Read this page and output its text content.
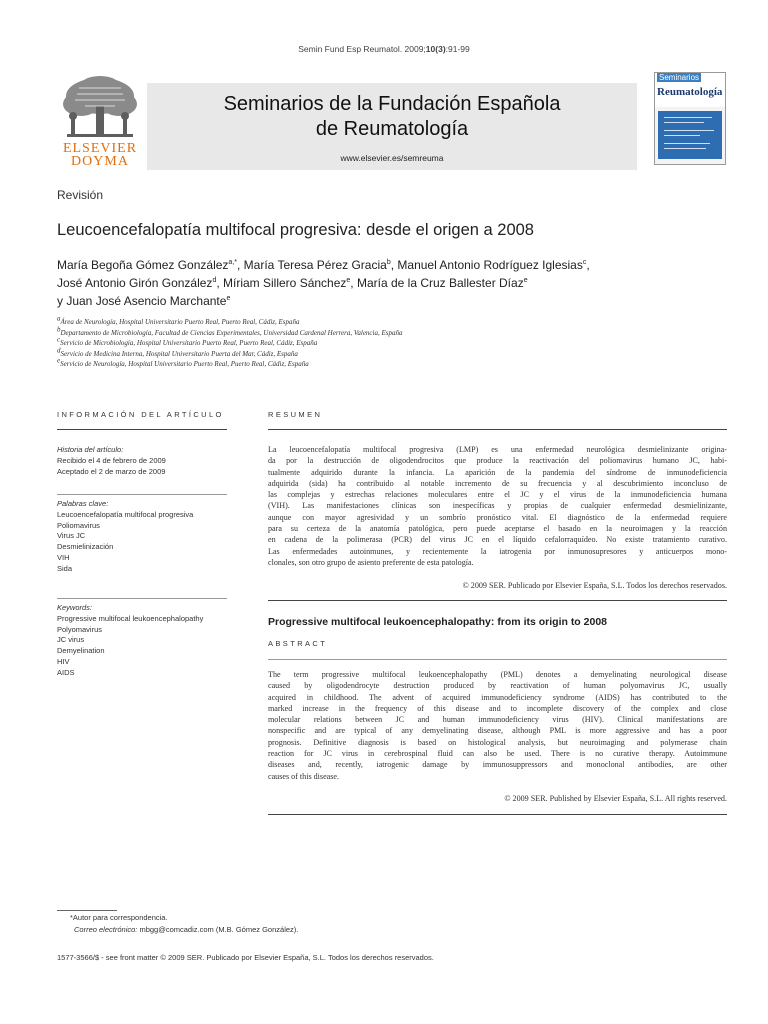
Semin Fund Esp Reumatol. 2009;10(3):91-99
ELSEVIER
DOYMA
Seminarios de la Fundación Española
de Reumatología
www.elsevier.es/semreuma
Seminarios
Reumatología
Revisión
Leucoencefalopatía multifocal progresiva: desde el origen a 2008
María Begoña Gómez González$^{a,*}$, María Teresa Pérez Gracia$^b$, Manuel Antonio Rodríguez Iglesias$^c$,
José Antonio Girón González$^d$, Míriam Sillero Sánchez$^e$, María de la Cruz Ballester Díaz$^e$
y Juan José Asencio Marchante$^e$
$^a$Área de Neurología, Hospital Universitario Puerto Real, Puerto Real, Cádiz, España
$^b$Departamento de Microbiología, Facultad de Ciencias Experimentales, Universidad Cardenal Herrera, Valencia, España
$^c$Servicio de Microbiología, Hospital Universitario Puerto Real, Puerto Real, Cádiz, España
$^d$Servicio de Medicina Interna, Hospital Universitario Puerta del Mar, Cádiz, España
$^e$Servicio de Neurología, Hospital Universitario Puerto Real, Puerto Real, Cádiz, España
INFORMACIÓN DEL ARTÍCULO
Historia del artículo:
Recibido el 4 de febrero de 2009
Aceptado el 2 de marzo de 2009
Palabras clave:
Leucoencefalopatía multifocal progresiva
Poliomavirus
Virus JC
Desmielinización
VIH
Sida
Keywords:
Progressive multifocal leukoencephalopathy
Polyomavirus
JC virus
Demyelination
HIV
AIDS
RESUMEN
La leucoencefalopatía multifocal progresiva (LMP) es una enfermedad neurológica desmielinizante origina-
da por la destrucción de oligodendrocitos que produce la reactivación del poliomavirus humano JC, habi-
tualmente adquirido durante la infancia. La aparición de la pandemia del síndrome de inmunodeficiencia
adquirida (sida) ha contribuido al notable incremento de su frecuencia y al descubrimiento inconcluso de
las complejas y estrechas relaciones moleculares entre el JC y el virus de la inmunodeficiencia humana
(VIH). Las manifestaciones clínicas son inespecíficas y propias de cualquier enfermedad desmielinizante,
aunque con mayor agresividad y un sombrío pronóstico vital. El diagnóstico de la enfermedad requiere
para su certeza de la anatomía patológica, pero puede aceptarse el basado en la neuroimagen y la reacción
en cadena de la polimerasa (PCR) del virus JC en el líquido cefalorraquídeo. No existe tratamiento curativo.
Las enfermedades autoinmunes, y recientemente la iatrogenia por inmunosupresores y anticuerpos mono-
clonales, son otro grupo de asiento preferente de esta patología.
© 2009 SER. Publicado por Elsevier España, S.L. Todos los derechos reservados.
Progressive multifocal leukoencephalopathy: from its origin to 2008
ABSTRACT
The term progressive multifocal leukoencephalopathy (PML) denotes a demyelinating neurological disease
caused by oligodendrocyte destruction produced by reactivation of human polyomavirus JC, usually
acquired in childhood. The advent of acquired immunodeficiency syndrome (AIDS) has contributed to the
marked increase in the frequency of this disease and to incomplete discovery of the complex and close
molecular relations between JC and human immunodeficiency virus (HIV). Clinical manifestations are
nonspecific and are typical of any demyelinating disease, although PML is more aggressive and has a poor
prognosis. Definitive diagnosis is based on histological analysis, but neuroimaging and polymerase chain
reaction for JC virus in cerebrospinal fluid can also be used. There is no curative therapy. Autoimmune
diseases and, recently, iatrogenic damage by immunosuppressors and monoclonal antibodies, are other
causes of this disease.
© 2009 SER. Published by Elsevier España, S.L. All rights reserved.
*Autor para correspondencia.
Correo electrónico: mbgg@comcadiz.com (M.B. Gómez González).
1577-3566/$ - see front matter © 2009 SER. Publicado por Elsevier España, S.L. Todos los derechos reservados.
